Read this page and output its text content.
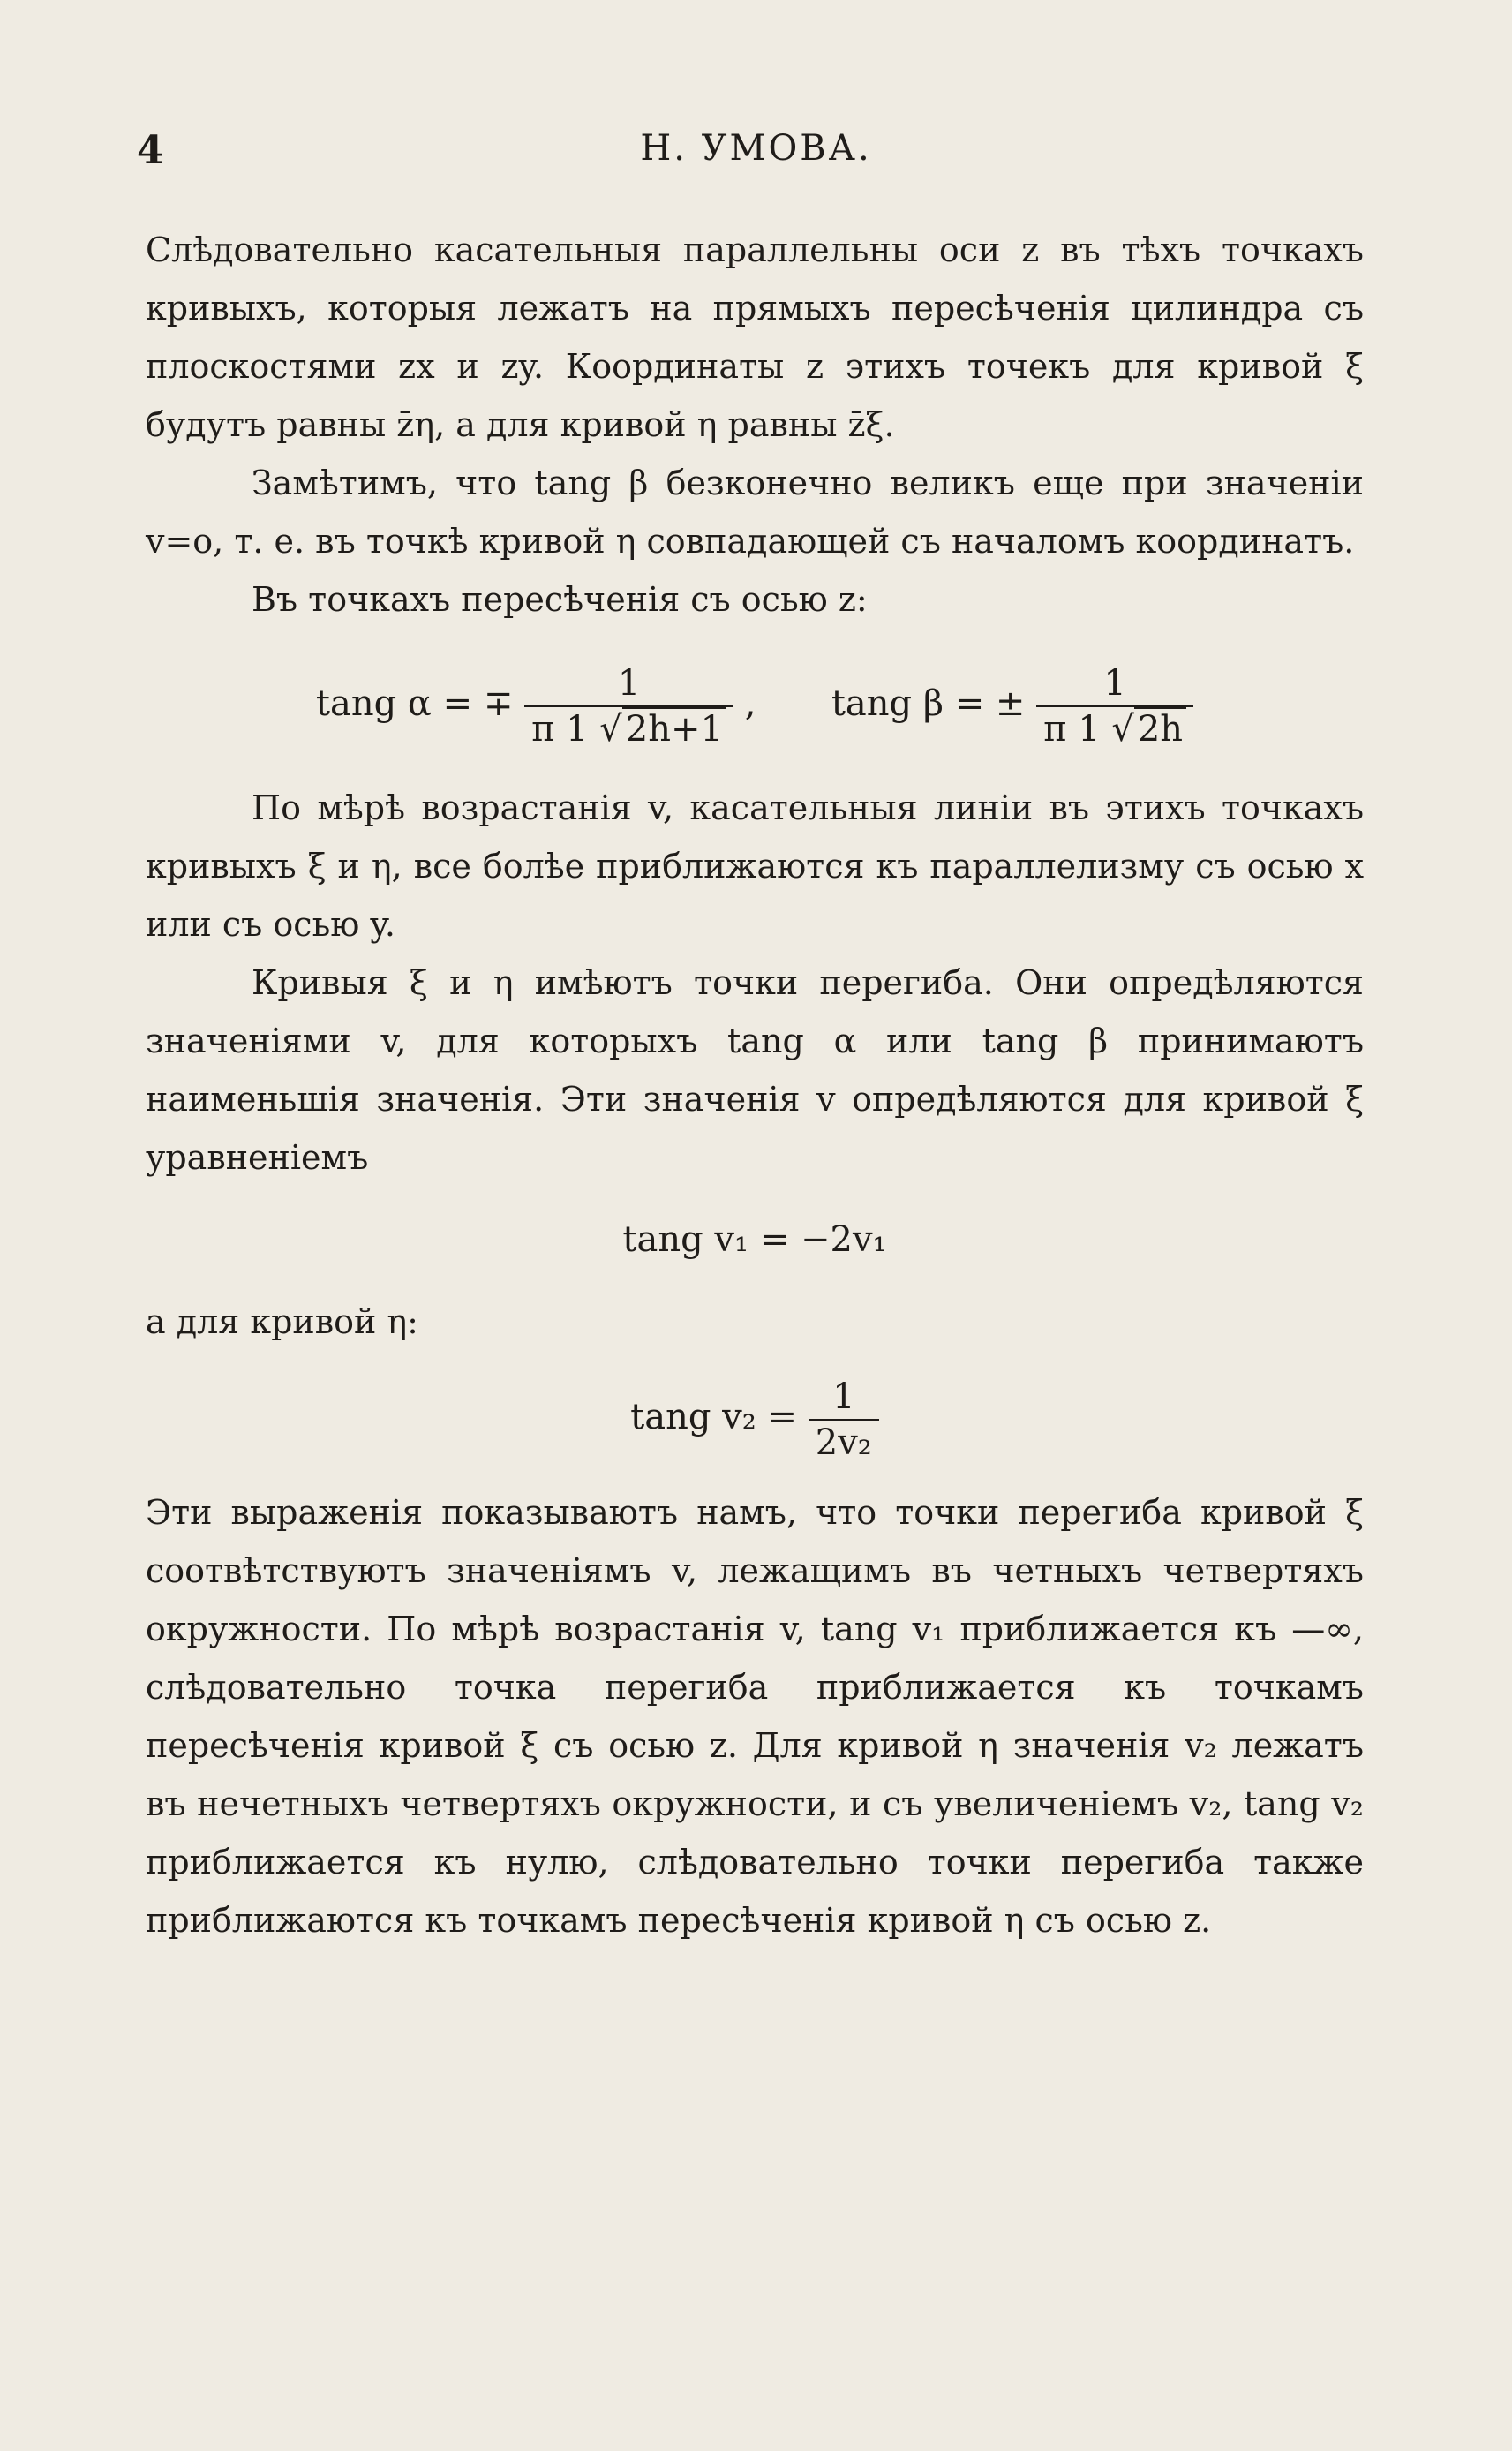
4	Н. УМОВА.

Слѣдовательно касательныя параллельны оси z въ тѣхъ точкахъ кривыхъ, которыя лежатъ на прямыхъ пересѣченія цилиндра съ плоскостями zx и zy. Координаты z этихъ точекъ для кривой ξ будутъ равны z̄η, а для кривой η равны z̄ξ.

Замѣтимъ, что tang β безконечно великъ еще при значеніи v=o, т. е. въ точкѣ кривой η совпадающей съ началомъ координатъ.

Въ точкахъ пересѣченія съ осью z:

tang α = ∓ $\frac{1}{\pi 1 √ 2h+1}$ , tang β = ± $\frac{1}{\pi 1 √ 2h}$

По мѣрѣ возрастанія v, касательныя линіи въ этихъ точкахъ кривыхъ ξ и η, все болѣе приближаются къ параллелизму съ осью x или съ осью y.

Кривыя ξ и η имѣютъ точки перегиба. Они опредѣляются значеніями v, для которыхъ tang α или tang β принимаютъ наименьшія значенія. Эти значенія v опредѣляются для кривой ξ уравненіемъ

tang v₁ = −2v₁

а для кривой η:

tang $v_2 = \frac{1}{\text{2v₂}}$

Эти выраженія показываютъ намъ, что точки перегиба кривой ξ соотвѣтствуютъ значеніямъ v, лежащимъ въ четныхъ четвертяхъ окружности. По мѣрѣ возрастанія v, tang v₁ приближается къ —∞, слѣдовательно точка перегиба приближается къ точкамъ пересѣченія кривой ξ съ осью z. Для кривой η значенія v₂ лежатъ въ нечетныхъ четвертяхъ окружности, и съ увеличеніемъ v₂, tang v₂ приближается къ нулю, слѣдовательно точки перегиба также приближаются къ точкамъ пересѣченія кривой η съ осью z.
